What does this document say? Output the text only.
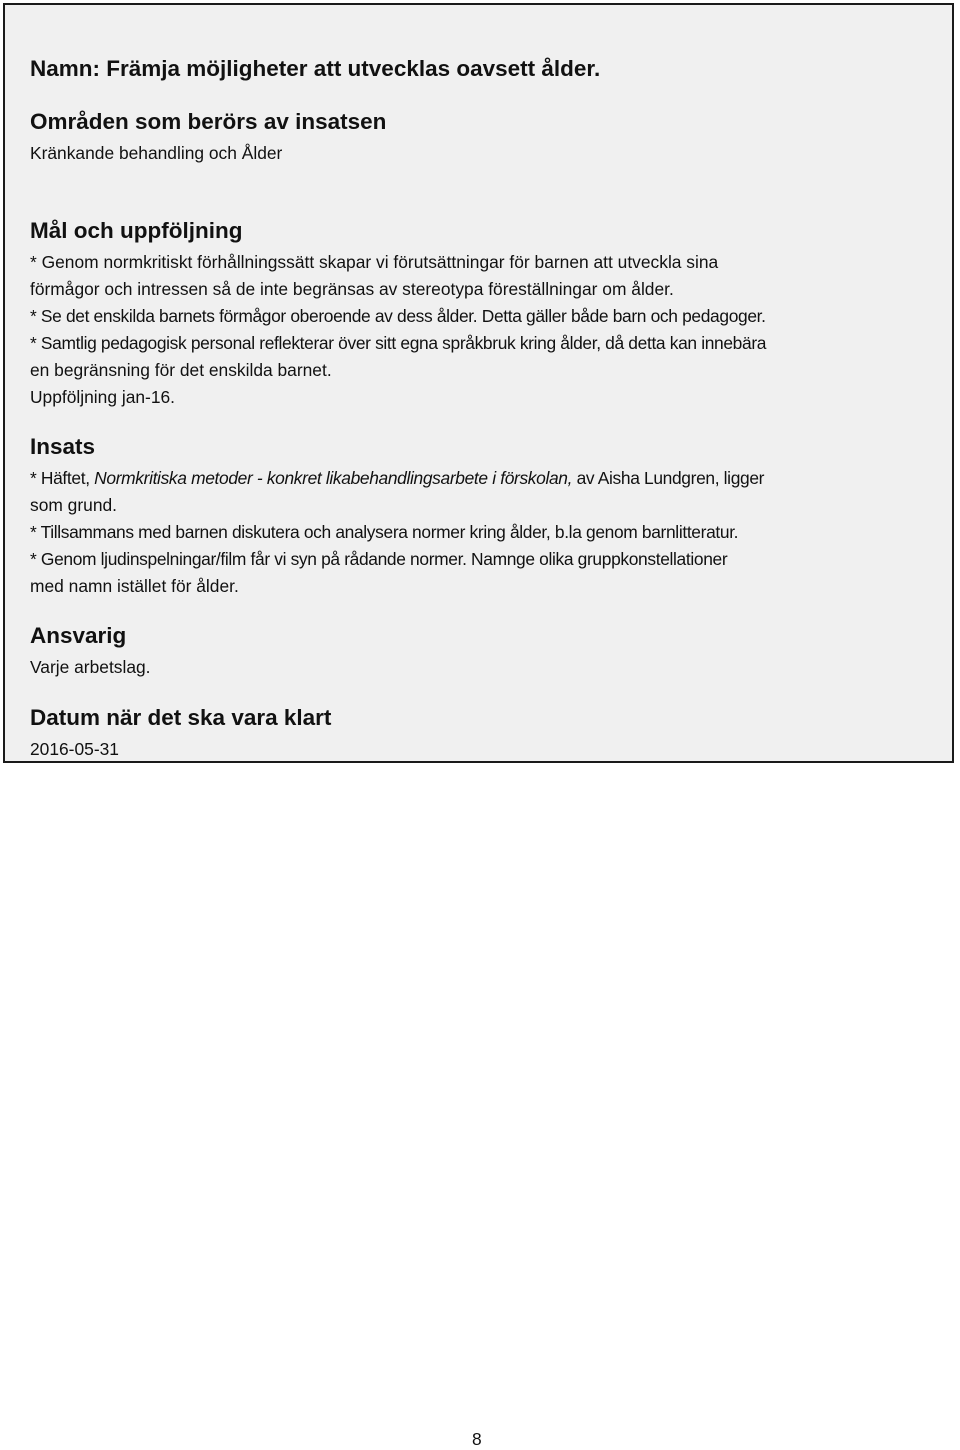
Namn: Främja möjligheter att utvecklas oavsett ålder.
Områden som berörs av insatsen
Kränkande behandling och Ålder
Mål och uppföljning
* Genom normkritiskt förhållningssätt skapar vi förutsättningar för barnen att utveckla sina
förmågor och intressen så de inte begränsas av stereotypa föreställningar om ålder.
* Se det enskilda barnets förmågor oberoende av dess ålder. Detta gäller både barn och pedagoger.
* Samtlig pedagogisk personal reflekterar över sitt egna språkbruk kring ålder, då detta kan innebära
en begränsning för det enskilda barnet.
Uppföljning jan-16.
Insats
* Häftet, Normkritiska metoder - konkret likabehandlingsarbete i förskolan, av Aisha Lundgren, ligger
som grund.
* Tillsammans med barnen diskutera och analysera normer kring ålder, b.la genom barnlitteratur.
* Genom ljudinspelningar/film får vi syn på rådande normer. Namnge olika gruppkonstellationer
med namn istället för ålder.
Ansvarig
Varje arbetslag.
Datum när det ska vara klart
2016-05-31
8
